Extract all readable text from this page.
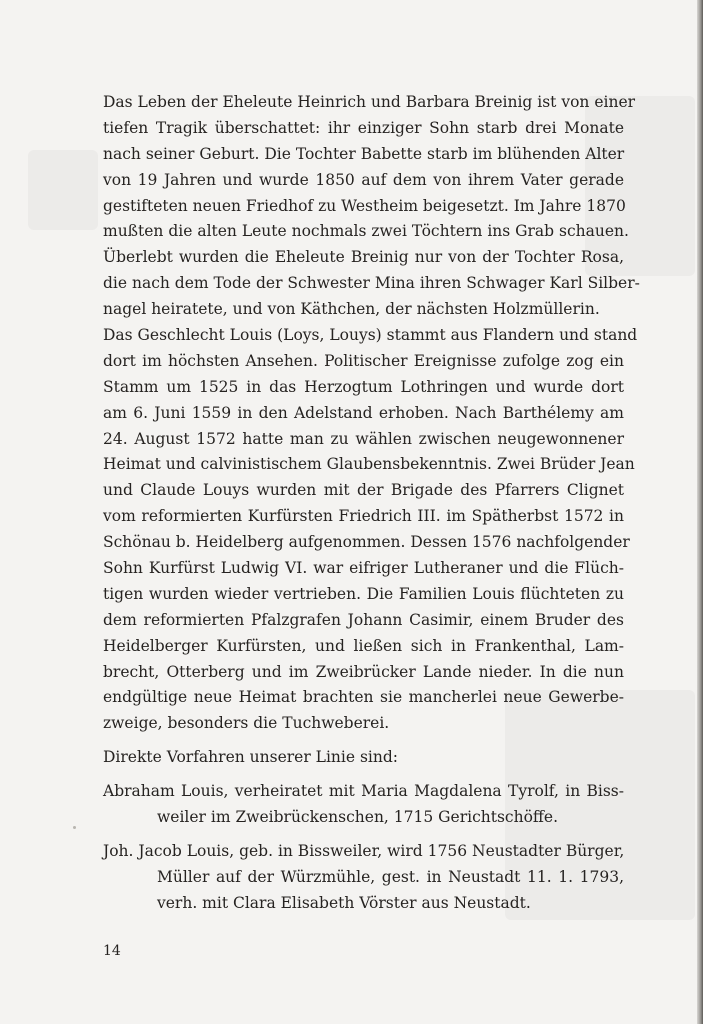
Das Leben der Eheleute Heinrich und Barbara Breinig ist von einer
tiefen Tragik überschattet: ihr einziger Sohn starb drei Monate
nach seiner Geburt. Die Tochter Babette starb im blühenden Alter
von 19 Jahren und wurde 1850 auf dem von ihrem Vater gerade
gestifteten neuen Friedhof zu Westheim beigesetzt. Im Jahre 1870
mußten die alten Leute nochmals zwei Töchtern ins Grab schauen.
Überlebt wurden die Eheleute Breinig nur von der Tochter Rosa,
die nach dem Tode der Schwester Mina ihren Schwager Karl Silber-
nagel heiratete, und von Käthchen, der nächsten Holzmüllerin.
Das Geschlecht Louis (Loys, Louys) stammt aus Flandern und stand
dort im höchsten Ansehen. Politischer Ereignisse zufolge zog ein
Stamm um 1525 in das Herzogtum Lothringen und wurde dort
am 6. Juni 1559 in den Adelstand erhoben. Nach Barthélemy am
24. August 1572 hatte man zu wählen zwischen neugewonnener
Heimat und calvinistischem Glaubensbekenntnis. Zwei Brüder Jean
und Claude Louys wurden mit der Brigade des Pfarrers Clignet
vom reformierten Kurfürsten Friedrich III. im Spätherbst 1572 in
Schönau b. Heidelberg aufgenommen. Dessen 1576 nachfolgender
Sohn Kurfürst Ludwig VI. war eifriger Lutheraner und die Flüch-
tigen wurden wieder vertrieben. Die Familien Louis flüchteten zu
dem reformierten Pfalzgrafen Johann Casimir, einem Bruder des
Heidelberger Kurfürsten, und ließen sich in Frankenthal, Lam-
brecht, Otterberg und im Zweibrücker Lande nieder. In die nun
endgültige neue Heimat brachten sie mancherlei neue Gewerbe-
zweige, besonders die Tuchweberei.
Direkte Vorfahren unserer Linie sind:
Abraham Louis, verheiratet mit Maria Magdalena Tyrolf, in Biss-
weiler im Zweibrückenschen, 1715 Gerichtschöffe.
Joh. Jacob Louis, geb. in Bissweiler, wird 1756 Neustadter Bürger,
Müller auf der Würzmühle, gest. in Neustadt 11. 1. 1793,
verh. mit Clara Elisabeth Vörster aus Neustadt.
14
